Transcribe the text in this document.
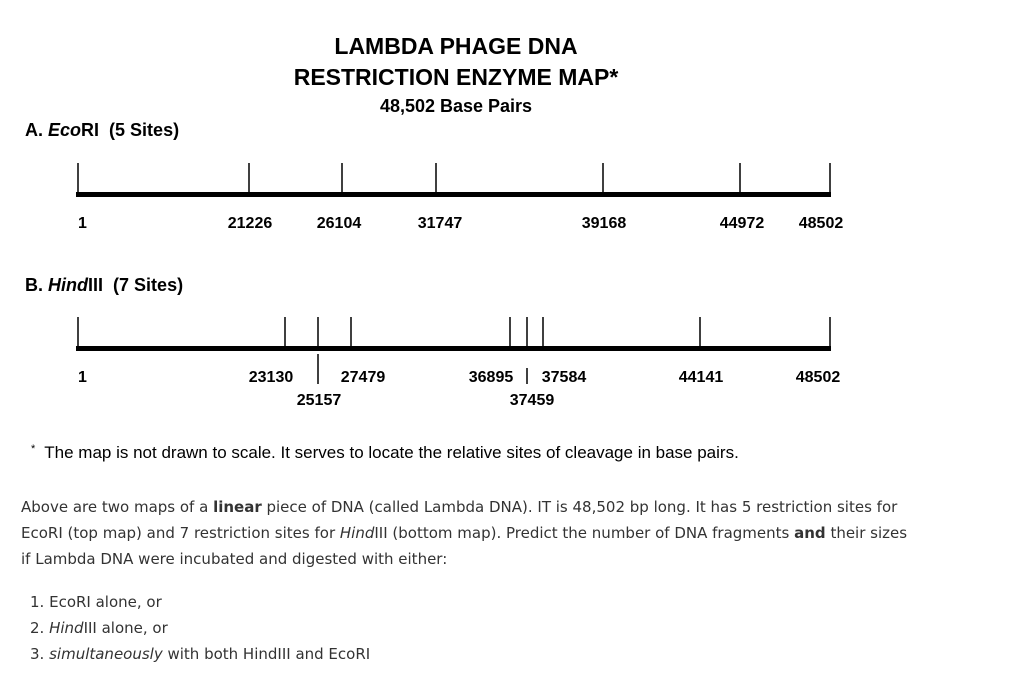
LAMBDA PHAGE DNA
RESTRICTION ENZYME MAP*
48,502 Base Pairs
A. EcoRI (5 Sites)
B. HindIII (7 Sites)
1	21226	26104	31747	39168	44972 48502
1	23130
25157
27479	36895
37459
37584	44141	48502
* The map is not drawn to scale. It serves to locate the relative sites of cleavage in base pairs.
Above are two maps of a linear piece of DNA (called Lambda DNA). IT is 48,502 bp long. It has 5 restriction sites for EcoRI (top map) and 7 restriction sites for HindIII (bottom map). Predict the number of DNA fragments and their sizes if Lambda DNA were incubated and digested with either:
1. EcoRI alone, or
2. HindIII alone, or
3. simultaneously with both HindIII and EcoRI
